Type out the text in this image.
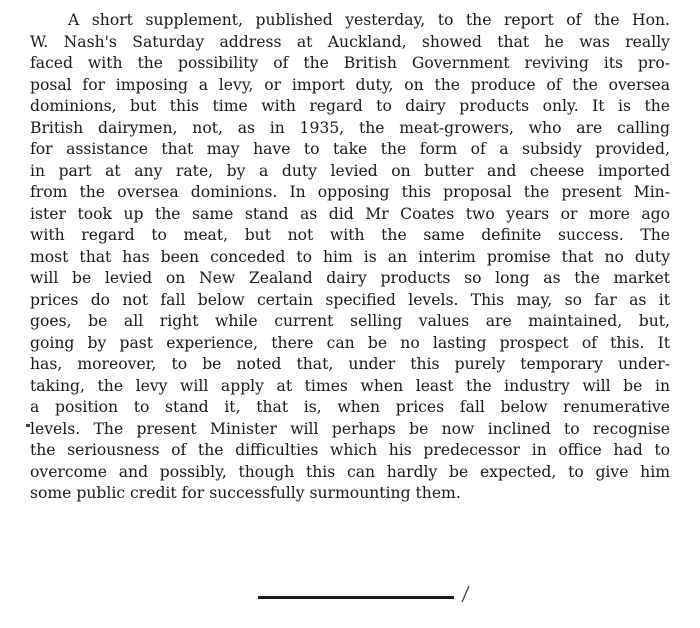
A short supplement, published yesterday, to the report of the Hon.
W. Nash's Saturday address at Auckland, showed that he was really
faced with the possibility of the British Government reviving its pro-
posal for imposing a levy, or import duty, on the produce of the oversea
dominions, but this time with regard to dairy products only. It is the
British dairymen, not, as in 1935, the meat-growers, who are calling
for assistance that may have to take the form of a subsidy provided,
in part at any rate, by a duty levied on butter and cheese imported
from the oversea dominions. In opposing this proposal the present Min-
ister took up the same stand as did Mr Coates two years or more ago
with regard to meat, but not with the same definite success. The
most that has been conceded to him is an interim promise that no duty
will be levied on New Zealand dairy products so long as the market
prices do not fall below certain specified levels. This may, so far as it
goes, be all right while current selling values are maintained, but,
going by past experience, there can be no lasting prospect of this. It
has, moreover, to be noted that, under this purely temporary under-
taking, the levy will apply at times when least the industry will be in
a position to stand it, that is, when prices fall below renumerative
levels. The present Minister will perhaps be now inclined to recognise
the seriousness of the difficulties which his predecessor in office had to
overcome and possibly, though this can hardly be expected, to give him
some public credit for successfully surmounting them.
